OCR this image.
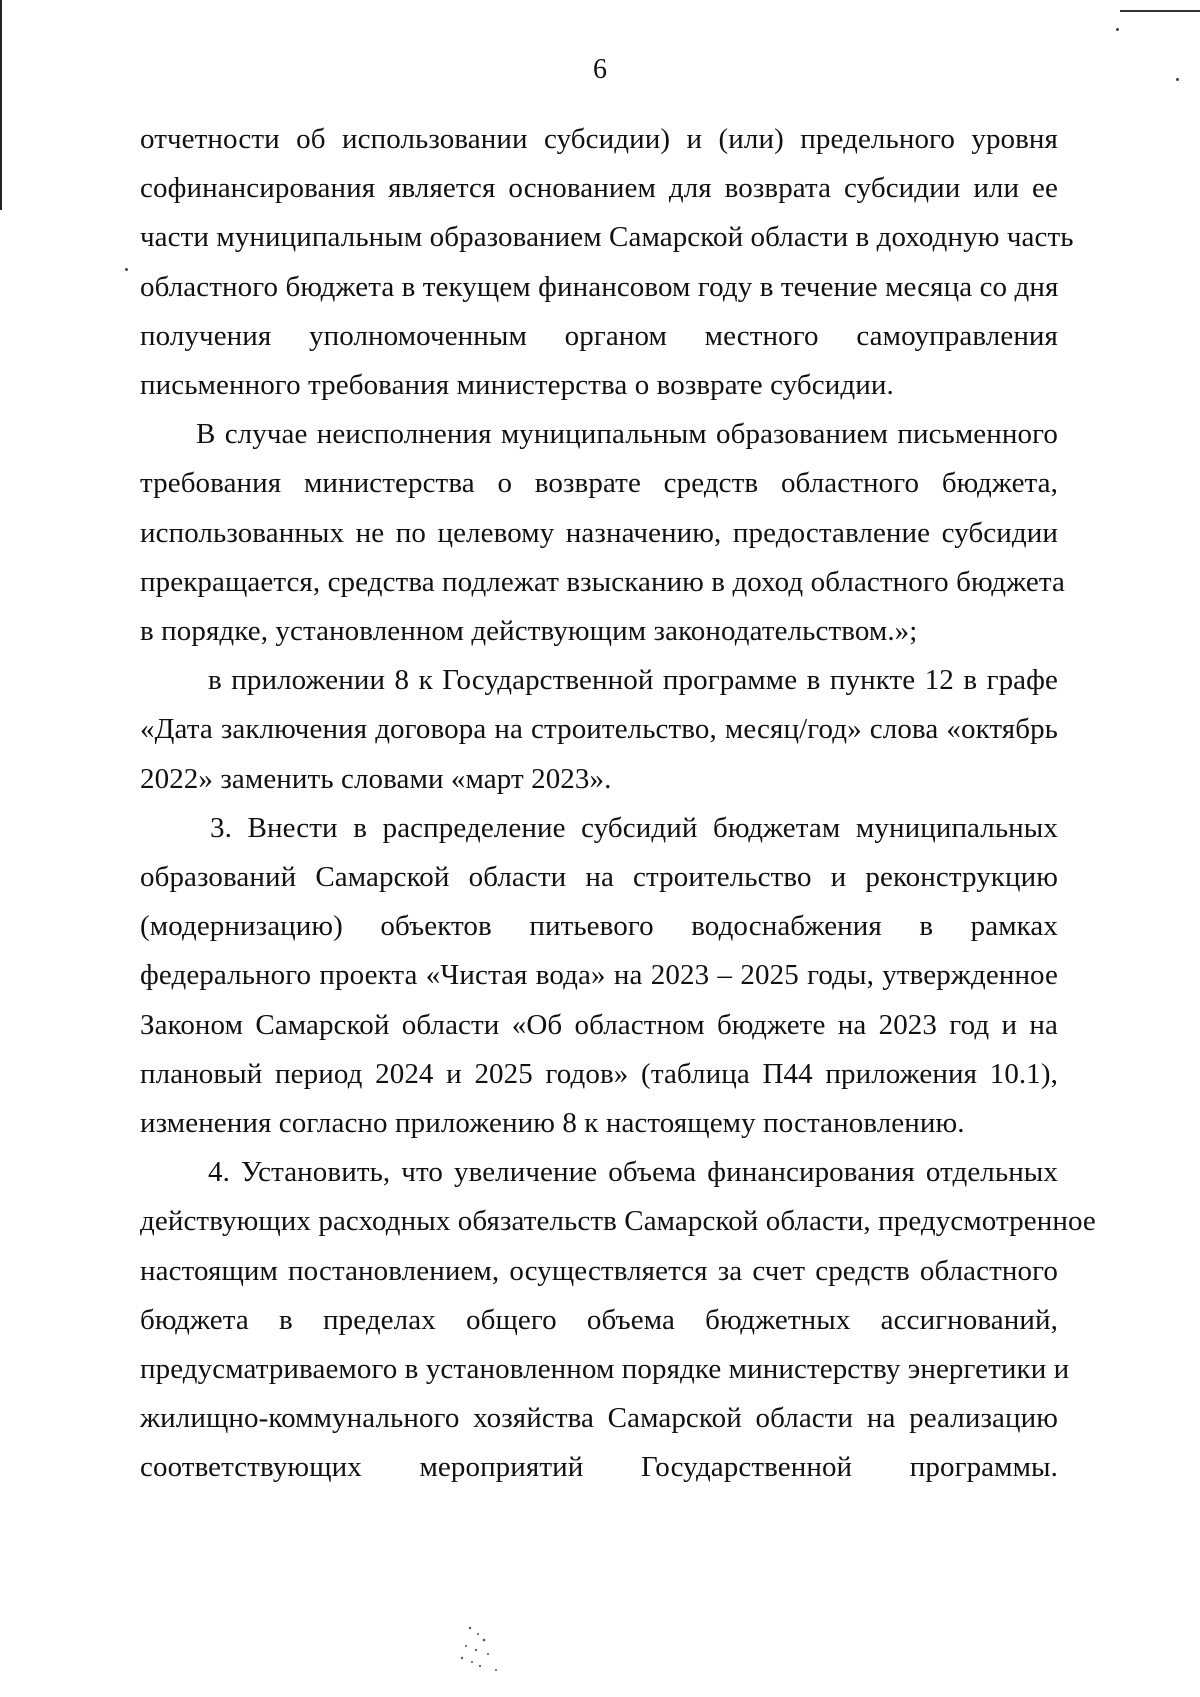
6

отчетности об использовании субсидии) и (или) предельного уровня
софинансирования является основанием для возврата субсидии или ее
части муниципальным образованием Самарской области в доходную часть
областного бюджета в текущем финансовом году в течение месяца со дня
получения уполномоченным органом местного самоуправления
письменного требования министерства о возврате субсидии.

В случае неисполнения муниципальным образованием письменного
требования министерства о возврате средств областного бюджета,
использованных не по целевому назначению, предоставление субсидии
прекращается, средства подлежат взысканию в доход областного бюджета
в порядке, установленном действующим законодательством.»;

в приложении 8 к Государственной программе в пункте 12 в графе
«Дата заключения договора на строительство, месяц/год» слова «октябрь
2022» заменить словами «март 2023».

3. Внести в распределение субсидий бюджетам муниципальных
образований Самарской области на строительство и реконструкцию
(модернизацию) объектов питьевого водоснабжения в рамках
федерального проекта «Чистая вода» на 2023 – 2025 годы, утвержденное
Законом Самарской области «Об областном бюджете на 2023 год и на
плановый период 2024 и 2025 годов» (таблица П44 приложения 10.1),
изменения согласно приложению 8 к настоящему постановлению.

4. Установить, что увеличение объема финансирования отдельных
действующих расходных обязательств Самарской области, предусмотренное
настоящим постановлением, осуществляется за счет средств областного
бюджета в пределах общего объема бюджетных ассигнований,
предусматриваемого в установленном порядке министерству энергетики и
жилищно-коммунального хозяйства Самарской области на реализацию
соответствующих мероприятий Государственной программы.
